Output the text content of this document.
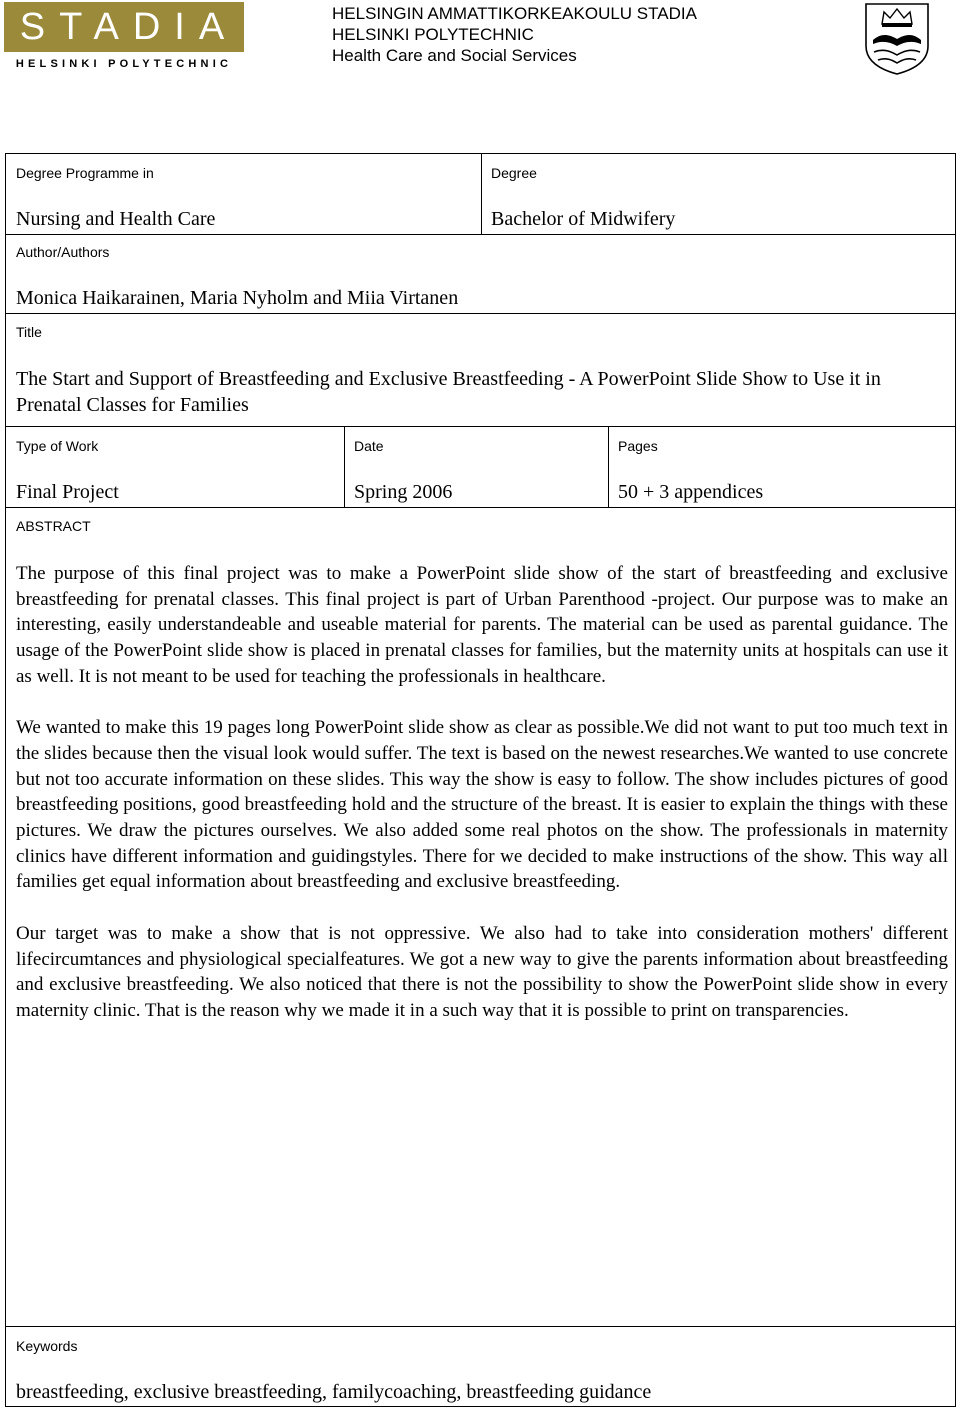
STADIA
HELSINKI POLYTECHNIC
HELSINGIN AMMATTIKORKEAKOULU STADIA
HELSINKI POLYTECHNIC
Health Care and Social Services
Degree Programme in
Nursing and Health Care
Degree
Bachelor of Midwifery
Author/Authors
Monica Haikarainen, Maria Nyholm and Miia Virtanen
Title
The Start and Support of Breastfeeding and Exclusive Breastfeeding - A PowerPoint Slide Show to Use it in Prenatal Classes for Families
Type of Work
Final Project
Date
Spring 2006
Pages
50 + 3 appendices
ABSTRACT

The purpose of this final project was to make a PowerPoint slide show of the start of breastfeeding and exclusive breastfeeding for prenatal classes. This final project is part of Urban Parenthood -project. Our purpose was to make an interesting, easily understandeable and useable material for parents. The material can be used as parental guidance. The usage of the PowerPoint slide show is placed in prenatal classes for families, but the maternity units at hospitals can use it as well. It is not meant to be used for teaching the professionals in healthcare.

We wanted to make this 19 pages long PowerPoint slide show as clear as possible.We did not want to put too much text in the slides because then the visual look would suffer. The text is based on the newest researches.We wanted to use concrete but not too accurate information on these slides. This way the show is easy to follow. The show includes pictures of good breastfeeding positions, good breastfeeding hold and the structure of the breast. It is easier to explain the things with these pictures. We draw the pictures ourselves. We also added some real photos on the show. The professionals in maternity clinics have different information and guidingstyles. There for we decided to make instructions of the show. This way all families get equal information about breastfeeding and exclusive breastfeeding.

Our target was to make a show that is not oppressive. We also had to take into consideration mothers' different lifecircumtances and physiological specialfeatures. We got a new way to give the parents information about breastfeeding and exclusive breastfeeding. We also noticed that there is not the possibility to show the PowerPoint slide show in every maternity clinic. That is the reason why we made it in a such way that it is possible to print on transparencies.

Keywords
breastfeeding, exclusive breastfeeding, familycoaching, breastfeeding guidance
